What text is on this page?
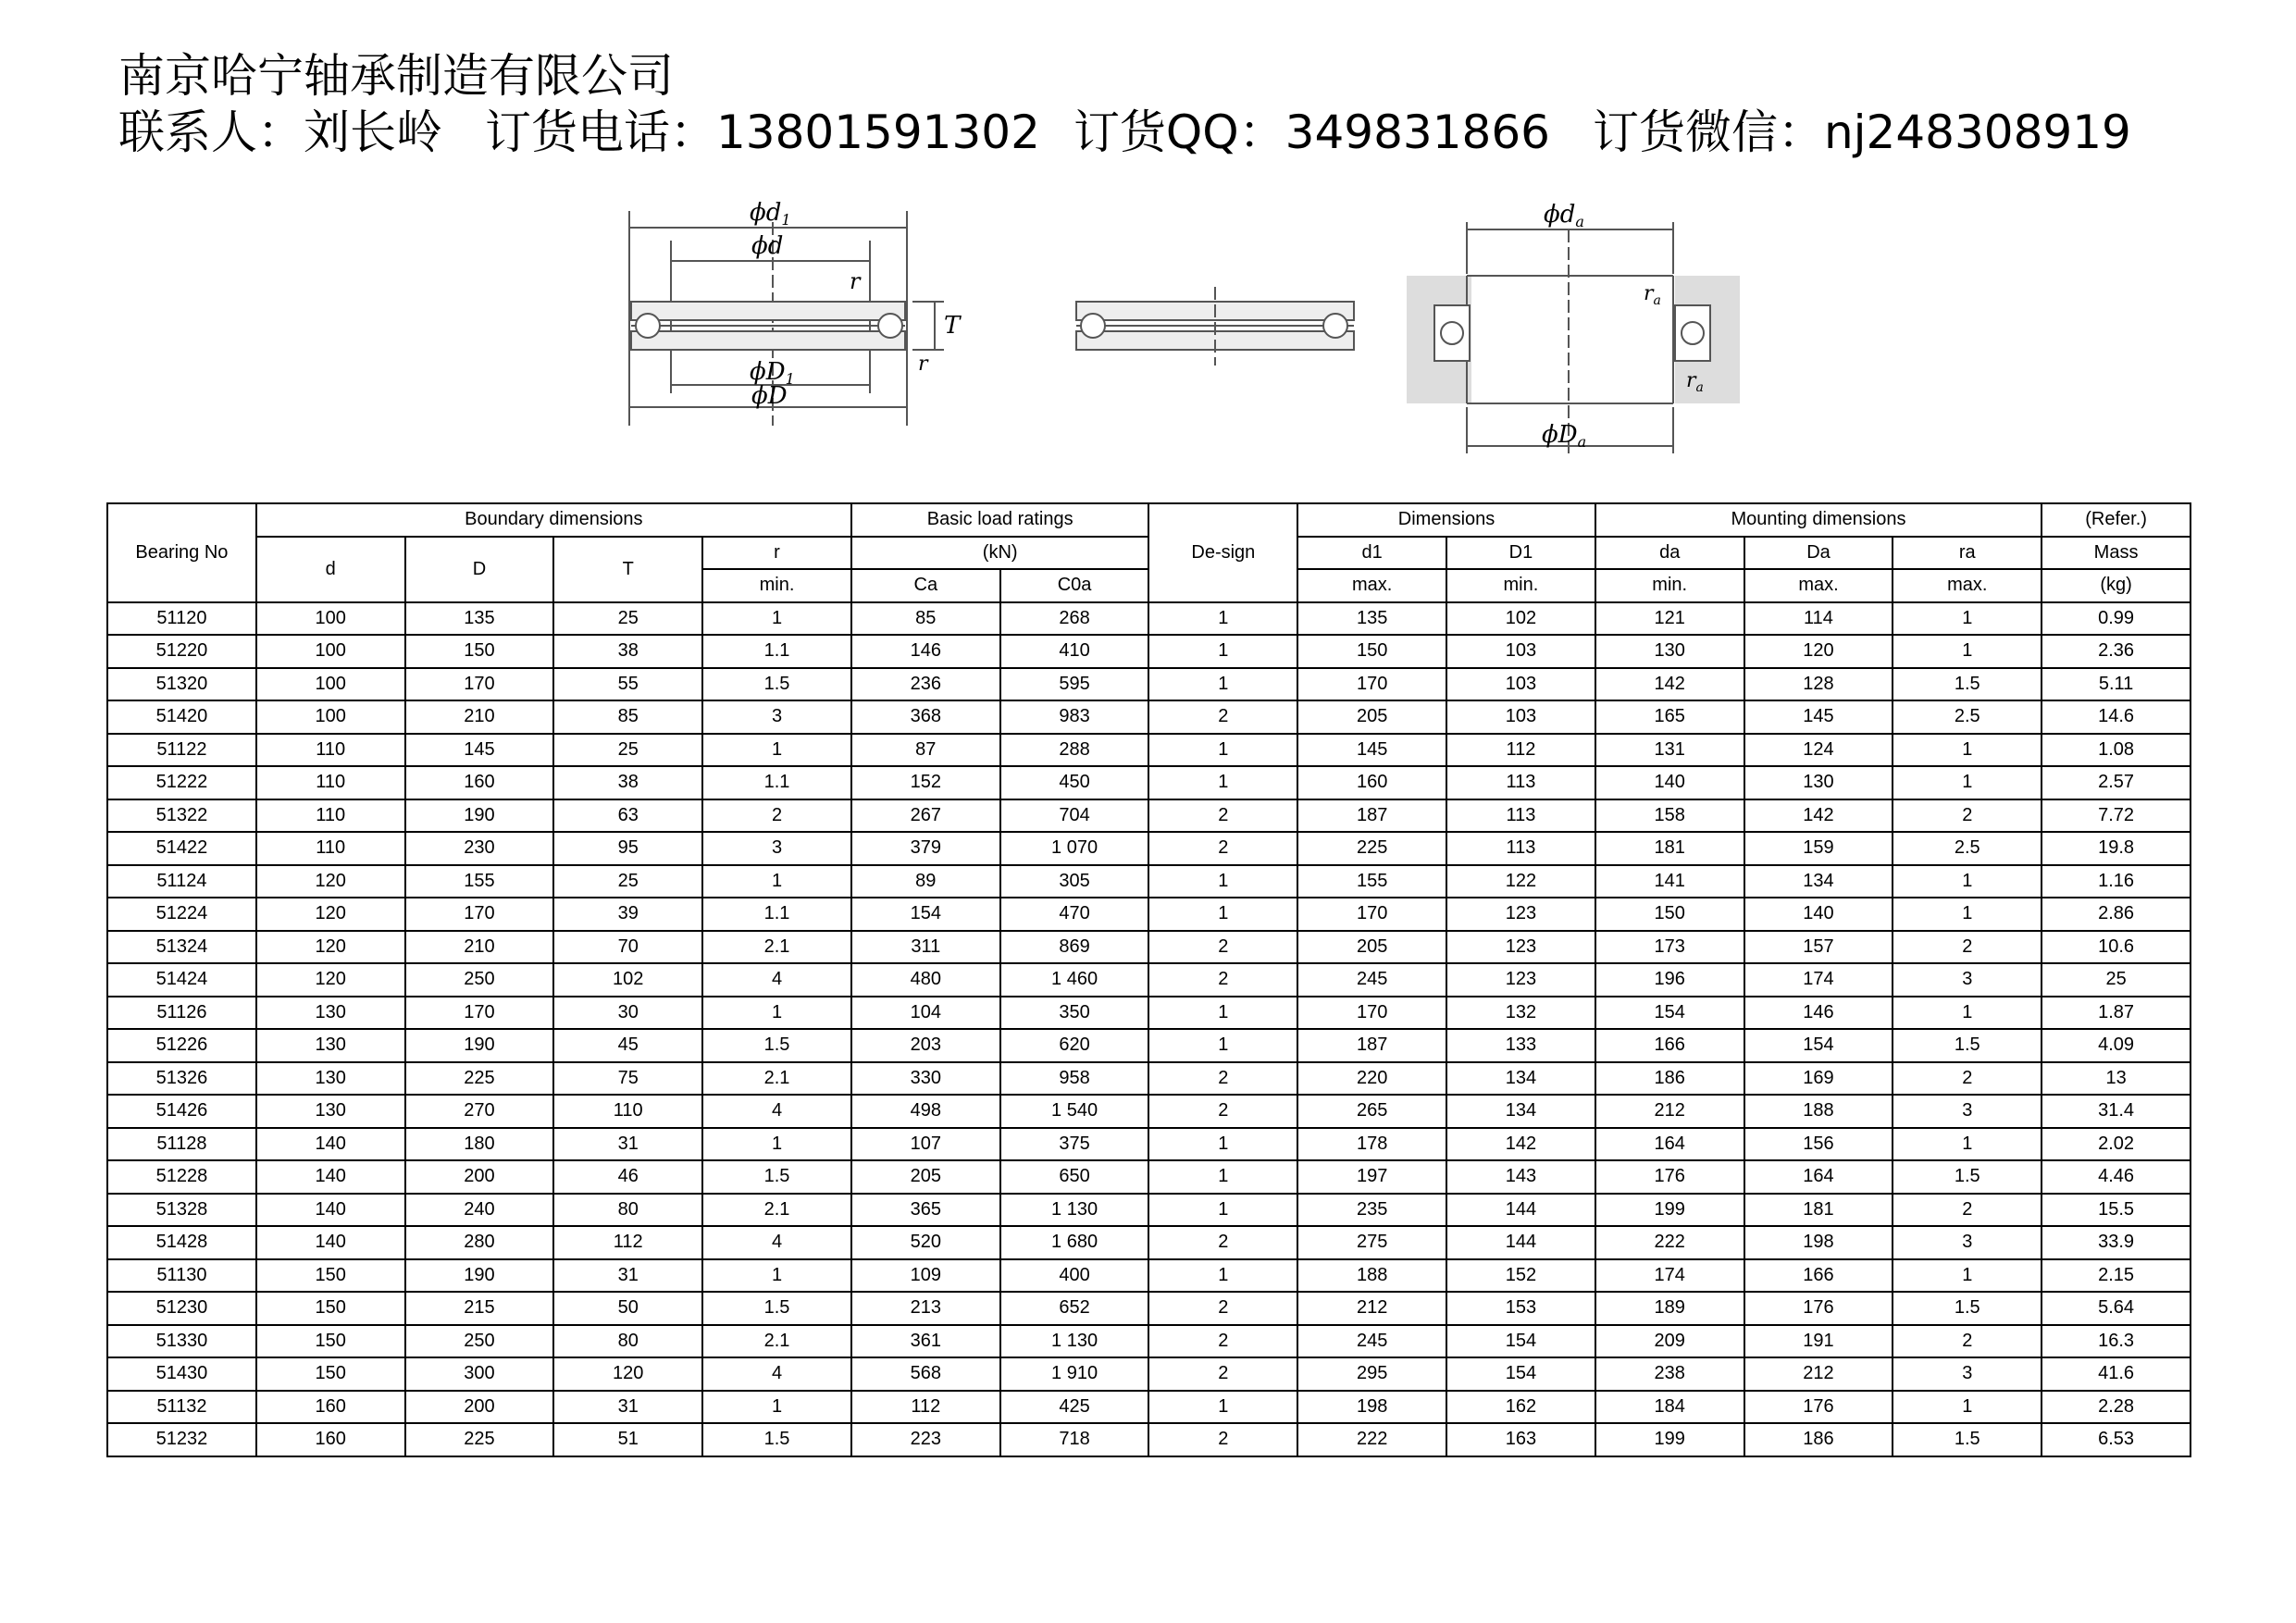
南京哈宁轴承制造有限公司
联系人：刘长岭 订货电话：13801591302 订货QQ：349831866 订货微信：nj248308919
ϕd1
ϕd
r
T
r
ϕD1
ϕD
ϕda
$r_a$
$r_a$
ϕDa
Bearing No	Boundary dimensions				Basic load ratings		De-sign	Dimensions		Mounting dimensions			(Refer.)
	d	D	T	r	(kN)			d1	D1	da	Da	ra	Mass
				min.	Ca	C0a		max.	min.	min.	max.	max.	(kg)
51120	100	135	25	1	85	268	1	135	102	121	114	1	0.99
51220	100	150	38	1.1	146	410	1	150	103	130	120	1	2.36
51320	100	170	55	1.5	236	595	1	170	103	142	128	1.5	5.11
51420	100	210	85	3	368	983	2	205	103	165	145	2.5	14.6
51122	110	145	25	1	87	288	1	145	112	131	124	1	1.08
51222	110	160	38	1.1	152	450	1	160	113	140	130	1	2.57
51322	110	190	63	2	267	704	2	187	113	158	142	2	7.72
51422	110	230	95	3	379	1 070	2	225	113	181	159	2.5	19.8
51124	120	155	25	1	89	305	1	155	122	141	134	1	1.16
51224	120	170	39	1.1	154	470	1	170	123	150	140	1	2.86
51324	120	210	70	2.1	311	869	2	205	123	173	157	2	10.6
51424	120	250	102	4	480	1 460	2	245	123	196	174	3	25
51126	130	170	30	1	104	350	1	170	132	154	146	1	1.87
51226	130	190	45	1.5	203	620	1	187	133	166	154	1.5	4.09
51326	130	225	75	2.1	330	958	2	220	134	186	169	2	13
51426	130	270	110	4	498	1 540	2	265	134	212	188	3	31.4
51128	140	180	31	1	107	375	1	178	142	164	156	1	2.02
51228	140	200	46	1.5	205	650	1	197	143	176	164	1.5	4.46
51328	140	240	80	2.1	365	1 130	1	235	144	199	181	2	15.5
51428	140	280	112	4	520	1 680	2	275	144	222	198	3	33.9
51130	150	190	31	1	109	400	1	188	152	174	166	1	2.15
51230	150	215	50	1.5	213	652	2	212	153	189	176	1.5	5.64
51330	150	250	80	2.1	361	1 130	2	245	154	209	191	2	16.3
51430	150	300	120	4	568	1 910	2	295	154	238	212	3	41.6
51132	160	200	31	1	112	425	1	198	162	184	176	1	2.28
51232	160	225	51	1.5	223	718	2	222	163	199	186	1.5	6.53
